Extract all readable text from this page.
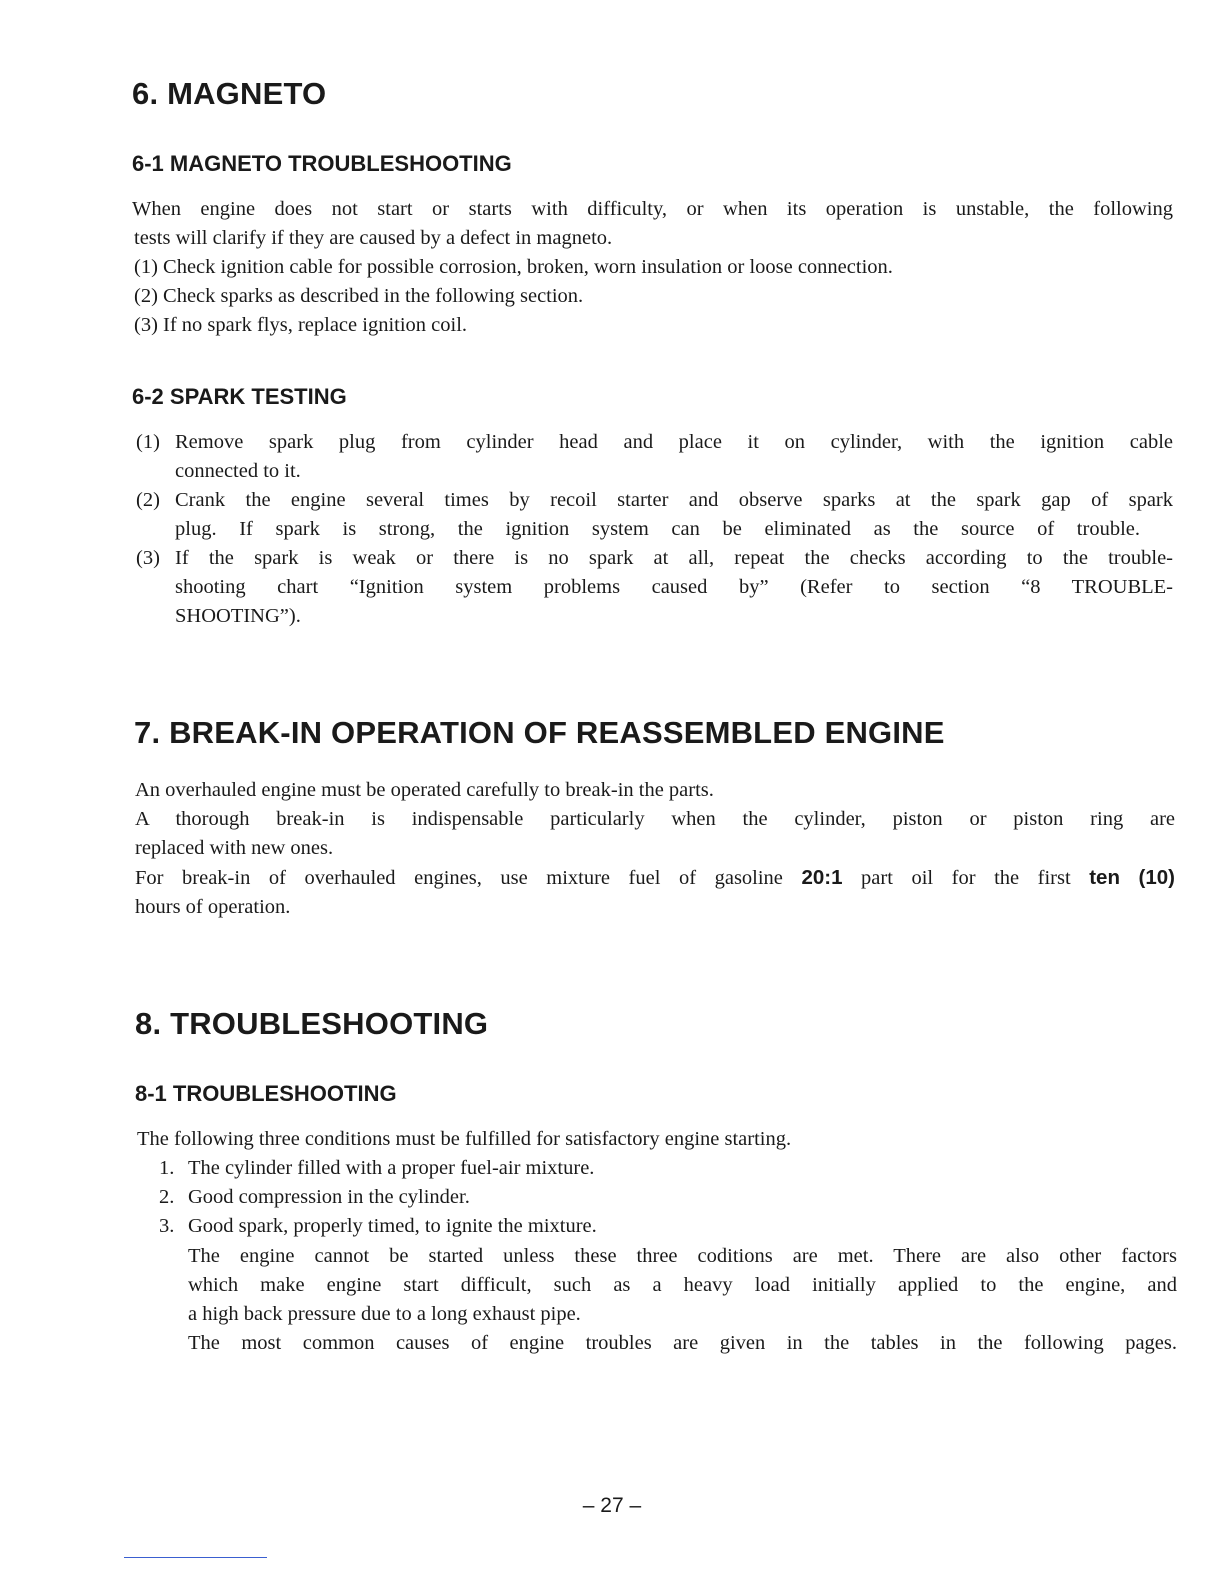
6. MAGNETO
6-1 MAGNETO TROUBLESHOOTING

When engine does not start or starts with difficulty, or when its operation is unstable, the following

tests will clarify if they are caused by a defect in magneto.

(1) Check ignition cable for possible corrosion, broken, worn insulation or loose connection.

(2) Check sparks as described in the following section.

(3) If no spark flys, replace ignition coil.

6-2 SPARK TESTING
(1) Remove spark plug from cylinder head and place it on cylinder, with the ignition cable

connected to it.

(2) Crank the engine several times by recoil starter and observe sparks at the spark gap of spark

plug. If spark is strong, the ignition system can be eliminated as the source of trouble.

(3) If the spark is weak or there is no spark at all, repeat the checks according to the trouble-

shooting chart “Ignition system problems caused by” (Refer to section “8 TROUBLE-

SHOOTING”).

7. BREAK-IN OPERATION OF REASSEMBLED ENGINE

An overhauled engine must be operated carefully to break-in the parts.

A thorough break-in is indispensable particularly when the cylinder, piston or piston ring are

replaced with new ones.

For break-in of overhauled engines, use mixture fuel of gasoline 20:1 part oil for the first ten (10)

hours of operation.

8. TROUBLESHOOTING
8-1 TROUBLESHOOTING

The following three conditions must be fulfilled for satisfactory engine starting.

1. The cylinder filled with a proper fuel-air mixture.

2. Good compression in the cylinder.

3. Good spark, properly timed, to ignite the mixture.

The engine cannot be started unless these three coditions are met. There are also other factors

which make engine start difficult, such as a heavy load initially applied to the engine, and

a high back pressure due to a long exhaust pipe.

The most common causes of engine troubles are given in the tables in the following pages.

– 27 –
